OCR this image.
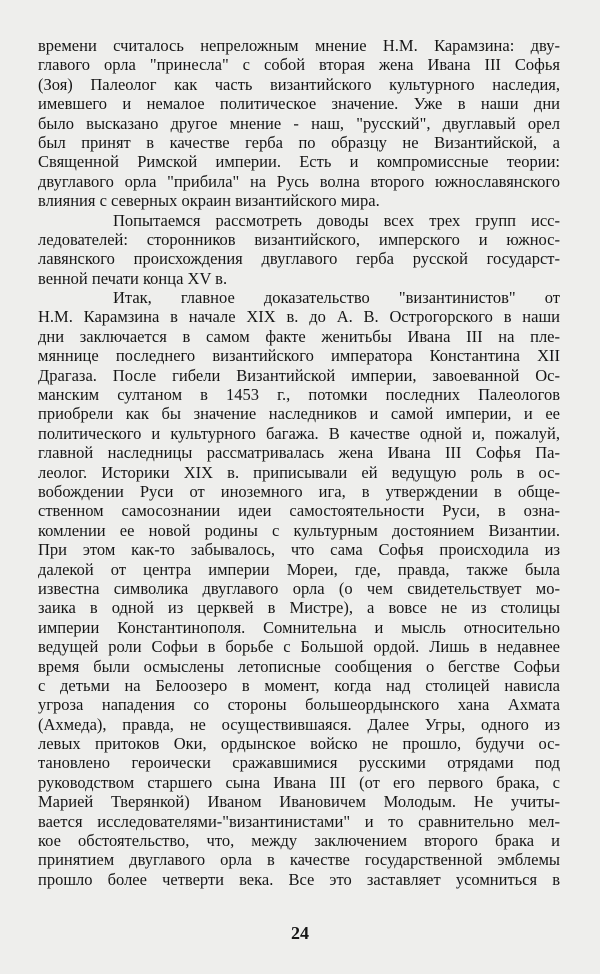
времени считалось непреложным мнение Н.М. Карамзина: дву-
главого орла "принесла" с собой вторая жена Ивана III Софья
(Зоя) Палеолог как часть византийского культурного наследия,
имевшего и немалое политическое значение. Уже в наши дни
было высказано другое мнение - наш, "русский", двуглавый орел
был принят в качестве герба по образцу не Византийской, а
Священной Римской империи. Есть и компромиссные теории:
двуглавого орла "прибила" на Русь волна второго южнославянского
влияния с северных окраин византийского мира.
Попытаемся рассмотреть доводы всех трех групп исс-
ледователей: сторонников византийского, имперского и южнос-
лавянского происхождения двуглавого герба русской государст-
венной печати конца XV в.
Итак, главное доказательство "византинистов" от
Н.М. Карамзина в начале XIX в. до А. В. Острогорского в наши
дни заключается в самом факте женитьбы Ивана III на пле-
мяннице последнего византийского императора Константина XII
Драгаза. После гибели Византийской империи, завоеванной Ос-
манским султаном в 1453 г., потомки последних Палеологов
приобрели как бы значение наследников и самой империи, и ее
политического и культурного багажа. В качестве одной и, пожалуй,
главной наследницы рассматривалась жена Ивана III Софья Па-
леолог. Историки XIX в. приписывали ей ведущую роль в ос-
вобождении Руси от иноземного ига, в утверждении в обще-
ственном самосознании идеи самостоятельности Руси, в озна-
комлении ее новой родины с культурным достоянием Византии.
При этом как-то забывалось, что сама Софья происходила из
далекой от центра империи Мореи, где, правда, также была
известна символика двуглавого орла (о чем свидетельствует мо-
заика в одной из церквей в Мистре), а вовсе не из столицы
империи Константинополя. Сомнительна и мысль относительно
ведущей роли Софьи в борьбе с Большой ордой. Лишь в недавнее
время были осмыслены летописные сообщения о бегстве Софьи
с детьми на Белоозеро в момент, когда над столицей нависла
угроза нападения со стороны большеордынского хана Ахмата
(Ахмеда), правда, не осуществившаяся. Далее Угры, одного из
левых притоков Оки, ордынское войско не прошло, будучи ос-
тановлено героически сражавшимися русскими отрядами под
руководством старшего сына Ивана III (от его первого брака, с
Марией Тверянкой) Иваном Ивановичем Молодым. Не учиты-
вается исследователями-"византинистами" и то сравнительно мел-
кое обстоятельство, что, между заключением второго брака и
принятием двуглавого орла в качестве государственной эмблемы
прошло более четверти века. Все это заставляет усомниться в
24
